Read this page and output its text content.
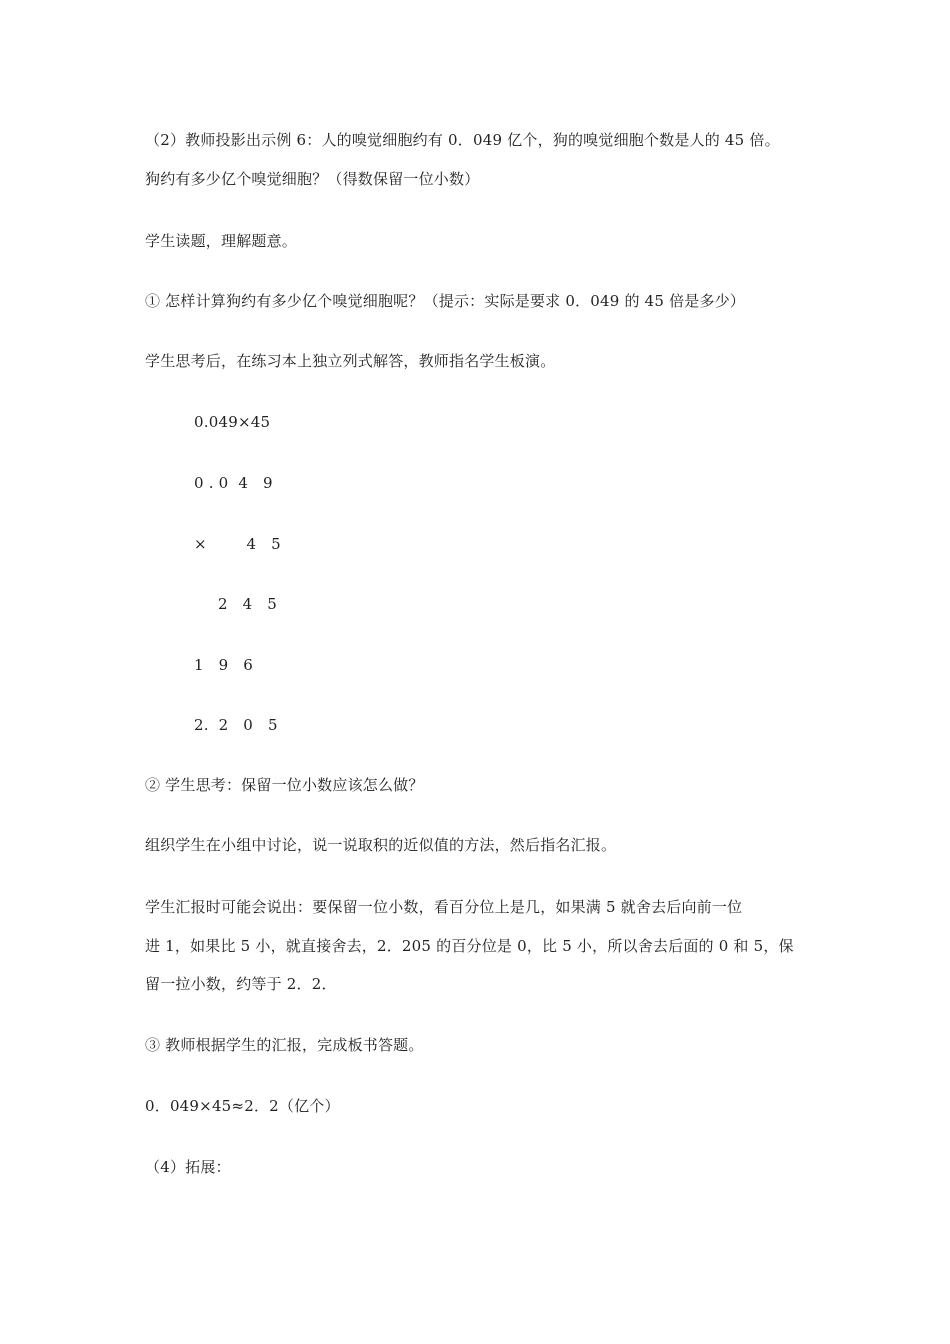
（2）教师投影出示例 6：人的嗅觉细胞约有 0．049 亿个，狗的嗅觉细胞个数是人的 45 倍。
狗约有多少亿个嗅觉细胞？（得数保留一位小数）
学生读题，理解题意。
① 怎样计算狗约有多少亿个嗅觉细胞呢？（提示：实际是要求 0．049 的 45 倍是多少）
学生思考后，在练习本上独立列式解答，教师指名学生板演。
0.049×45
0 . 0  4   9
×        4   5
2   4   5
1   9   6
2.  2   0   5
② 学生思考：保留一位小数应该怎么做？
组织学生在小组中讨论，说一说取积的近似值的方法，然后指名汇报。
学生汇报时可能会说出：要保留一位小数，看百分位上是几，如果满 5 就舍去后向前一位
进 1，如果比 5 小，就直接舍去，2．205 的百分位是 0，比 5 小，所以舍去后面的 0 和 5，保
留一拉小数，约等于 2．2．
③ 教师根据学生的汇报，完成板书答题。
0．049×45≈2．2（亿个）
（4）拓展：
